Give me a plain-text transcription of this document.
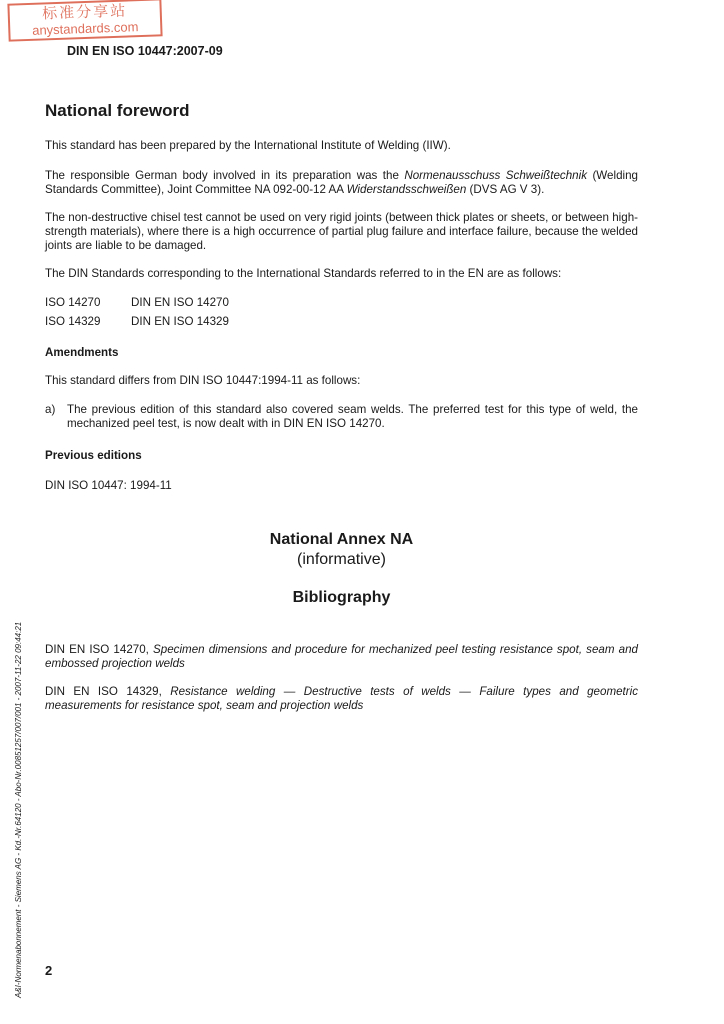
DIN EN ISO 10447:2007-09
标准分享站
anystandards.com
National foreword
This standard has been prepared by the International Institute of Welding (IIW).
The responsible German body involved in its preparation was the Normenausschuss Schweißtechnik (Welding Standards Committee), Joint Committee NA 092-00-12 AA Widerstandsschweißen (DVS AG V 3).
The non-destructive chisel test cannot be used on very rigid joints (between thick plates or sheets, or between high-strength materials), where there is a high occurrence of partial plug failure and interface failure, because the welded joints are liable to be damaged.
The DIN Standards corresponding to the International Standards referred to in the EN are as follows:
ISO 14270	DIN EN ISO 14270
ISO 14329	DIN EN ISO 14329
Amendments
This standard differs from DIN ISO 10447:1994-11 as follows:
a)	The previous edition of this standard also covered seam welds. The preferred test for this type of weld, the mechanized peel test, is now dealt with in DIN EN ISO 14270.
Previous editions
DIN ISO 10447: 1994-11
National Annex NA
(informative)
Bibliography
DIN EN ISO 14270, Specimen dimensions and procedure for mechanized peel testing resistance spot, seam and embossed projection welds
DIN EN ISO 14329, Resistance welding — Destructive tests of welds — Failure types and geometric measurements for resistance spot, seam and projection welds
A&I-Normenabonnement - Siemens AG - Kd.-Nr.64120 - Abo-Nr.00851257/007/001 - 2007-11-22 09:44:21 2
